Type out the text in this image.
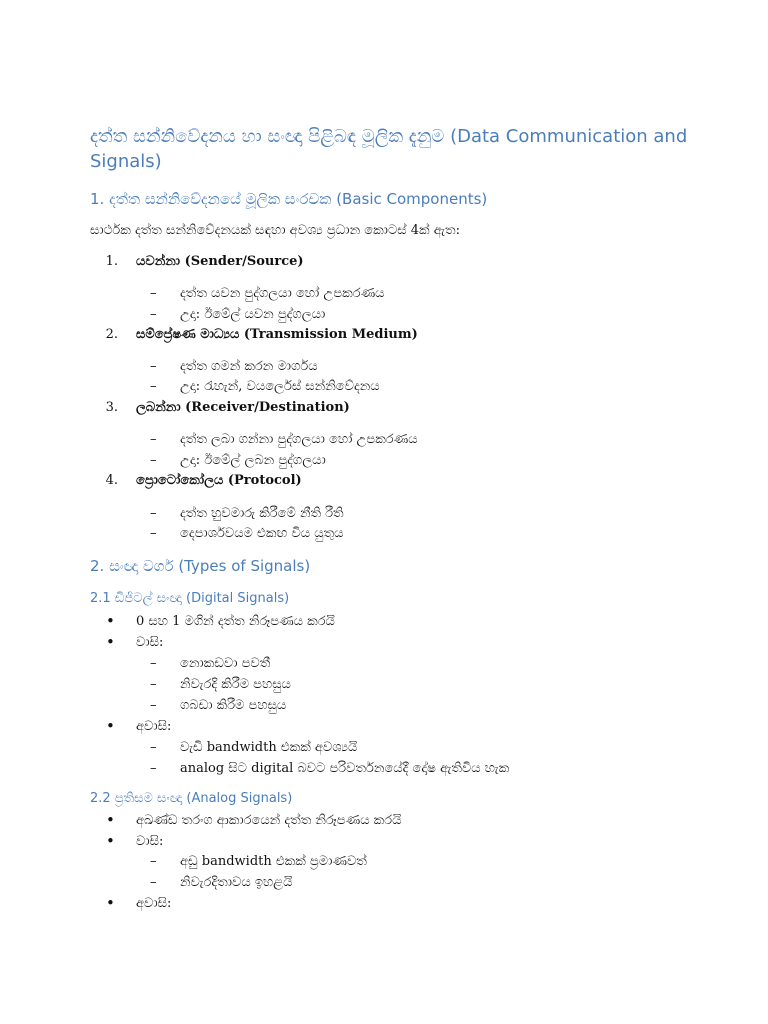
දත්ත සන්නිවේදනය හා සංඥා පිළිබඳ මූලික දැනුම (Data Communication and Signals)
1. දත්ත සන්නිවේදනයේ මූලික සංරචක (Basic Components)
සාර්ථක දත්ත සන්නිවේදනයක් සඳහා අවශ්‍ය ප්‍රධාන කොටස් 4ක් ඇත:
1. යවන්නා (Sender/Source)
– දත්ත යවන පුද්ගලයා හෝ උපකරණය
– උදා: ඊමේල් යවන පුද්ගලයා
2. සම්ප්‍රේෂණ මාධ්‍යය (Transmission Medium)
– දත්ත ගමන් කරන මාර්ගය
– උදා: රැහැන්, වයර්ලෙස් සන්නිවේදනය
3. ලබන්නා (Receiver/Destination)
– දත්ත ලබා ගන්නා පුද්ගලයා හෝ උපකරණය
– උදා: ඊමේල් ලබන පුද්ගලයා
4. ප්‍රොටෝකෝලය (Protocol)
– දත්ත හුවමාරු කිරීමේ නීති රීති
– දෙපාර්ශවයම එකඟ විය යුතුය
2. සංඥා වර්ග (Types of Signals)
2.1 ඩිජිටල් සංඥා (Digital Signals)
• 0 සහ 1 මගින් දත්ත නිරූපණය කරයි
• වාසි:
– නොකඩවා පවතී
– නිවැරදි කිරීම පහසුය
– ගබඩා කිරීම පහසුය
• අවාසි:
– වැඩි bandwidth එකක් අවශ්‍යයි
– analog සිට digital බවට පරිවර්තනයේදී දෝෂ ඇතිවිය හැක
2.2 ප්‍රතිසම සංඥා (Analog Signals)
• අඛණ්ඩ තරංග ආකාරයෙන් දත්ත නිරූපණය කරයි
• වාසි:
– අඩු bandwidth එකක් ප්‍රමාණවත්
– නිවැරදිතාවය ඉහළයි
• අවාසි:
